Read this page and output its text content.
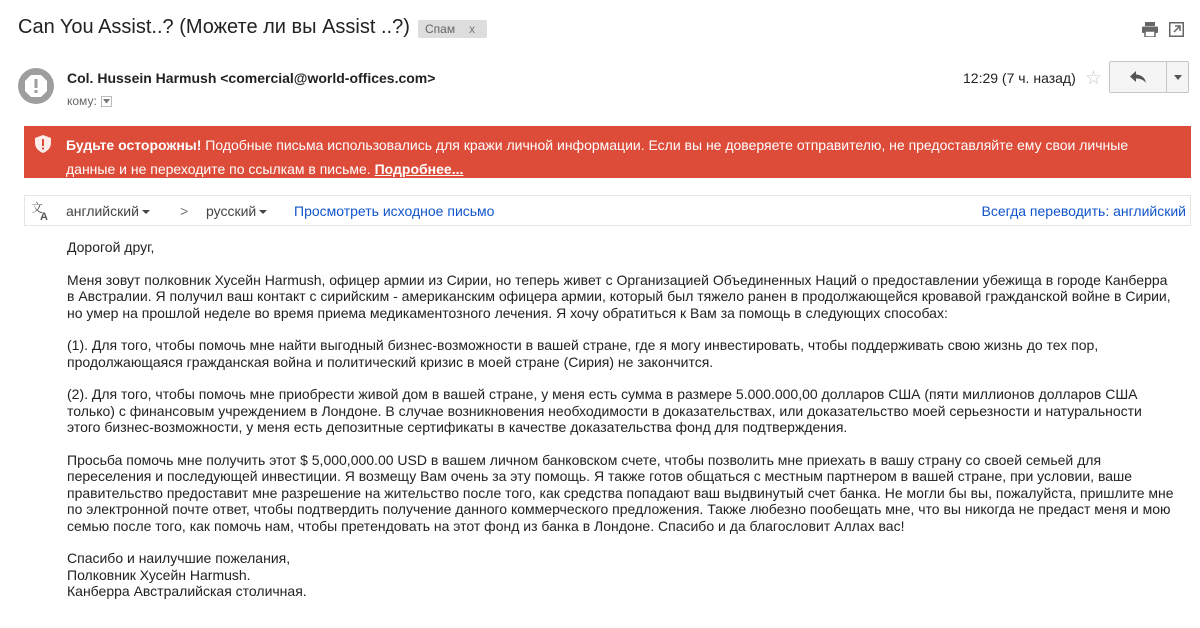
Can You Assist..? (Можете ли вы Assist ..?) Спам x
Col. Hussein Harmush <comercial@world-offices.com>
кому:
12:29 (7 ч. назад) ☆
Будьте осторожны! Подобные письма использовались для кражи личной информации. Если вы не доверяете отправителю, не предоставляйте ему свои личные данные и не переходите по ссылкам в письме. Подробнее...
文
A английский	> русский	Просмотреть исходное письмо	Всегда переводить: английский

Дорогой друг,

Меня зовут полковник Хусейн Harmush, офицер армии из Сирии, но теперь живет с Организацией Объединенных Наций о предоставлении убежища в городе Канберра в Австралии. Я получил ваш контакт с сирийским - американским офицера армии, который был тяжело ранен в продолжающейся кровавой гражданской войне в Сирии, но умер на прошлой неделе во время приема медикаментозного лечения. Я хочу обратиться к Вам за помощь в следующих способах:

(1). Для того, чтобы помочь мне найти выгодный бизнес-возможности в вашей стране, где я могу инвестировать, чтобы поддерживать свою жизнь до тех пор, продолжающаяся гражданская война и политический кризис в моей стране (Сирия) не закончится.

(2). Для того, чтобы помочь мне приобрести живой дом в вашей стране, у меня есть сумма в размере 5.000.000,00 долларов США (пяти миллионов долларов США только) с финансовым учреждением в Лондоне. В случае возникновения необходимости в доказательствах, или доказательство моей серьезности и натуральности этого бизнес-возможности, у меня есть депозитные сертификаты в качестве доказательства фонд для подтверждения.

Просьба помочь мне получить этот $ 5,000,000.00 USD в вашем личном банковском счете, чтобы позволить мне приехать в вашу страну со своей семьей для переселения и последующей инвестиции. Я возмещу Вам очень за эту помощь. Я также готов общаться с местным партнером в вашей стране, при условии, ваше правительство предоставит мне разрешение на жительство после того, как средства попадают ваш выдвинутый счет банка. Не могли бы вы, пожалуйста, пришлите мне по электронной почте ответ, чтобы подтвердить получение данного коммерческого предложения. Также любезно пообещать мне, что вы никогда не предаст меня и мою семью после того, как помочь нам, чтобы претендовать на этот фонд из банка в Лондоне. Спасибо и да благословит Аллах вас!

Спасибо и наилучшие пожелания,

Полковник Хусейн Harmush.

Канберра Австралийская столичная.
